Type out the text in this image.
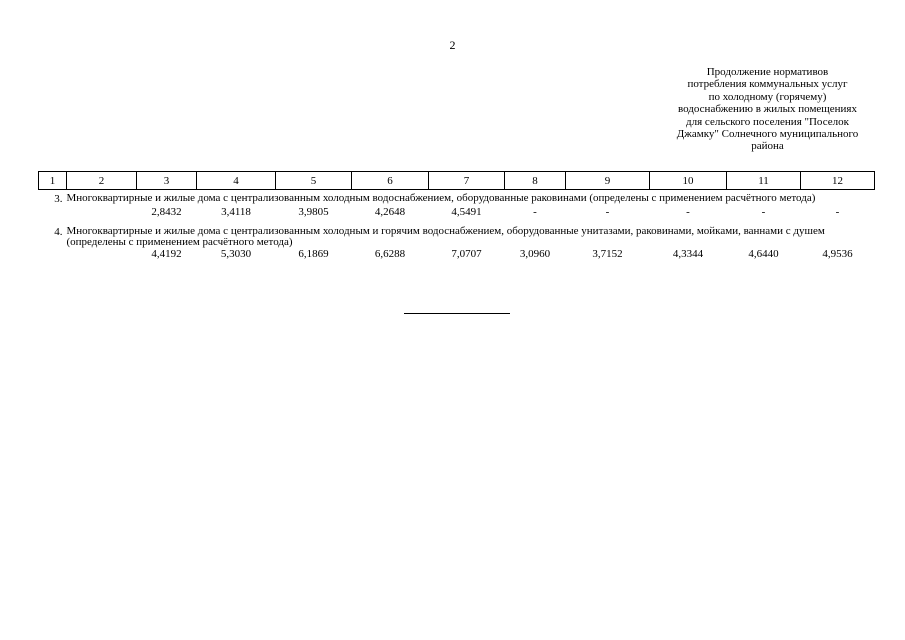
2
Продолжение нормативов
потребления коммунальных услуг
по холодному (горячему)
водоснабжению в жилых помещениях
для сельского поселения "Поселок
Джамку" Солнечного муниципального
района
1	2	3	4	5	6	7	8	9	10	11	12
3.	Многоквартирные и жилые дома с централизованным холодным водоснабжением, оборудованные раковинами (определены с применением расчётного метода)										
		2,8432	3,4118	3,9805	4,2648	4,5491	-	-	-	-	-
4.	Многоквартирные и жилые дома с централизованным холодным и горячим водоснабжением, оборудованные унитазами, раковинами, мойками, ваннами с душем (определены с применением расчётного метода)										
		4,4192	5,3030	6,1869	6,6288	7,0707	3,0960	3,7152	4,3344	4,6440	4,9536
